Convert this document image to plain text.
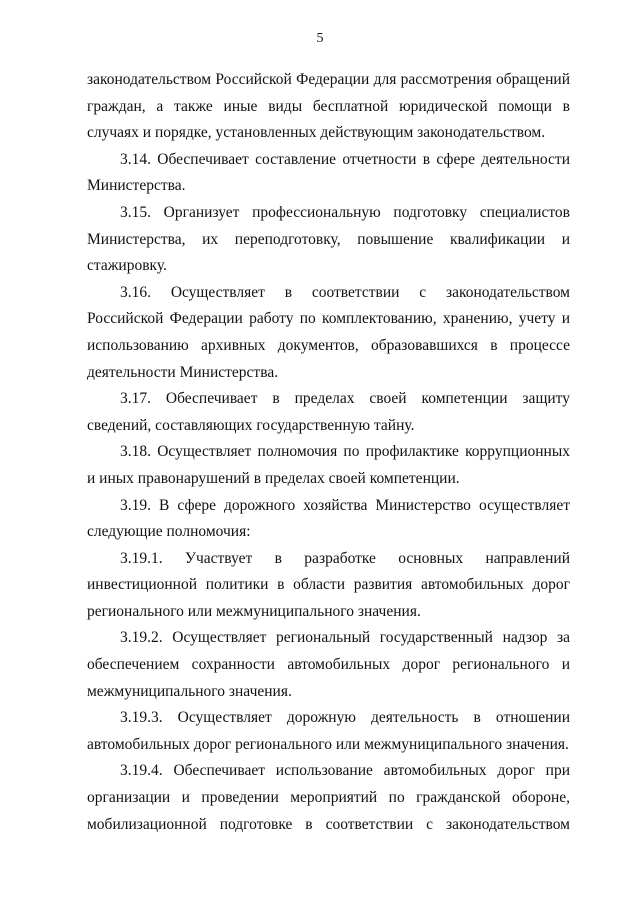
5

законодательством Российской Федерации для рассмотрения обращений граждан, а также иные виды бесплатной юридической помощи в случаях и порядке, установленных действующим законодательством.

3.14. Обеспечивает составление отчетности в сфере деятельности Министерства.

3.15. Организует профессиональную подготовку специалистов Министерства, их переподготовку, повышение квалификации и стажировку.

3.16. Осуществляет в соответствии с законодательством Российской Федерации работу по комплектованию, хранению, учету и использованию архивных документов, образовавшихся в процессе деятельности Министерства.

3.17. Обеспечивает в пределах своей компетенции защиту сведений, составляющих государственную тайну.

3.18. Осуществляет полномочия по профилактике коррупционных и иных правонарушений в пределах своей компетенции.

3.19. В сфере дорожного хозяйства Министерство осуществляет следующие полномочия:

3.19.1. Участвует в разработке основных направлений инвестиционной политики в области развития автомобильных дорог регионального или межмуниципального значения.

3.19.2. Осуществляет региональный государственный надзор за обеспечением сохранности автомобильных дорог регионального и межмуниципального значения.

3.19.3. Осуществляет дорожную деятельность в отношении автомобильных дорог регионального или межмуниципального значения.

3.19.4. Обеспечивает использование автомобильных дорог при организации и проведении мероприятий по гражданской обороне, мобилизационной подготовке в соответствии с законодательством
